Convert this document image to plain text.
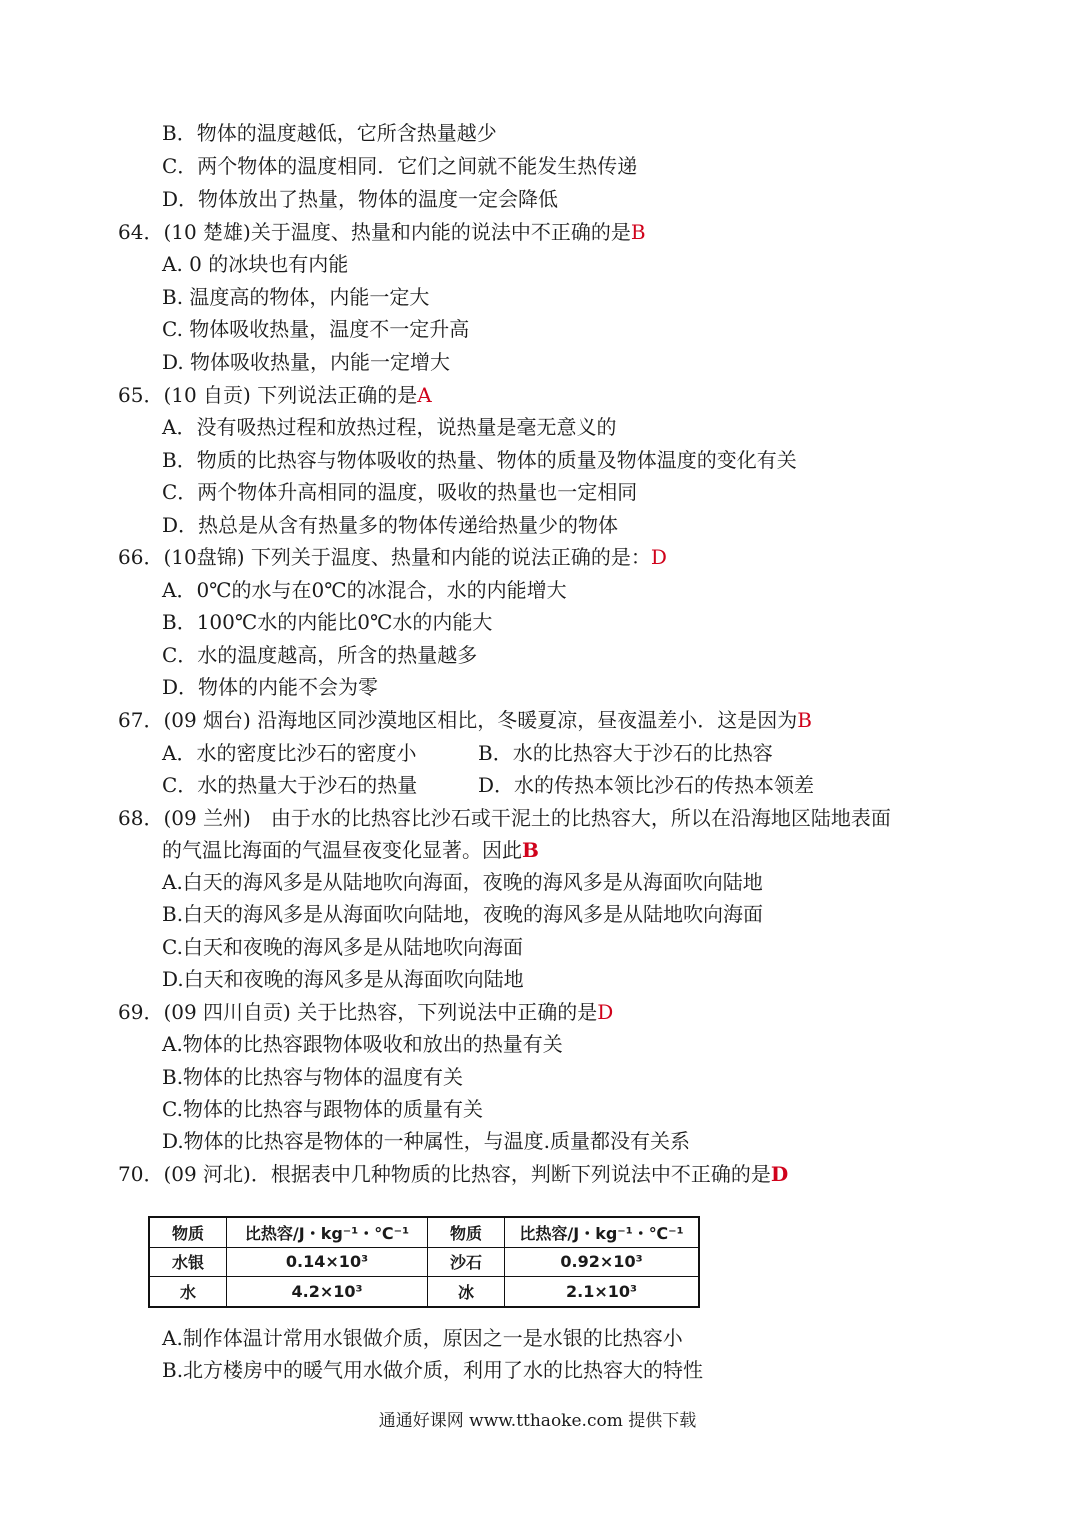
B．物体的温度越低，它所含热量越少
C．两个物体的温度相同．它们之间就不能发生热传递
D．物体放出了热量，物体的温度一定会降低
64．(10 楚雄)关于温度、热量和内能的说法中不正确的是B
A. 0 的冰块也有内能
B. 温度高的物体，内能一定大
C. 物体吸收热量，温度不一定升高
D. 物体吸收热量，内能一定增大
65．(10 自贡) 下列说法正确的是A
A．没有吸热过程和放热过程，说热量是毫无意义的
B．物质的比热容与物体吸收的热量、物体的质量及物体温度的变化有关
C．两个物体升高相同的温度，吸收的热量也一定相同
D．热总是从含有热量多的物体传递给热量少的物体
66．(10盘锦) 下列关于温度、热量和内能的说法正确的是：D
A．0℃的水与在0℃的冰混合，水的内能增大
B．100℃水的内能比0℃水的内能大
C．水的温度越高，所含的热量越多
D．物体的内能不会为零
67．(09 烟台) 沿海地区同沙漠地区相比，冬暖夏凉，昼夜温差小．这是因为B
A．水的密度比沙石的密度小	B．水的比热容大于沙石的比热容
C．水的热量大于沙石的热量	D．水的传热本领比沙石的传热本领差
68．(09 兰州)　由于水的比热容比沙石或干泥土的比热容大，所以在沿海地区陆地表面
的气温比海面的气温昼夜变化显著。因此B
A.白天的海风多是从陆地吹向海面，夜晚的海风多是从海面吹向陆地
B.白天的海风多是从海面吹向陆地，夜晚的海风多是从陆地吹向海面
C.白天和夜晚的海风多是从陆地吹向海面
D.白天和夜晚的海风多是从海面吹向陆地
69．(09 四川自贡) 关于比热容，下列说法中正确的是D
A.物体的比热容跟物体吸收和放出的热量有关
B.物体的比热容与物体的温度有关
C.物体的比热容与跟物体的质量有关
D.物体的比热容是物体的一种属性，与温度.质量都没有关系
70．(09 河北)．根据表中几种物质的比热容，判断下列说法中不正确的是D
物质	比热容/J・kg⁻¹・℃⁻¹	物质	比热容/J・kg⁻¹・℃⁻¹
水银	0.14×10³	沙石	0.92×10³
水	4.2×10³	冰	2.1×10³
A.制作体温计常用水银做介质，原因之一是水银的比热容小
B.北方楼房中的暖气用水做介质，利用了水的比热容大的特性
通通好课网 www.tthaoke.com 提供下载
